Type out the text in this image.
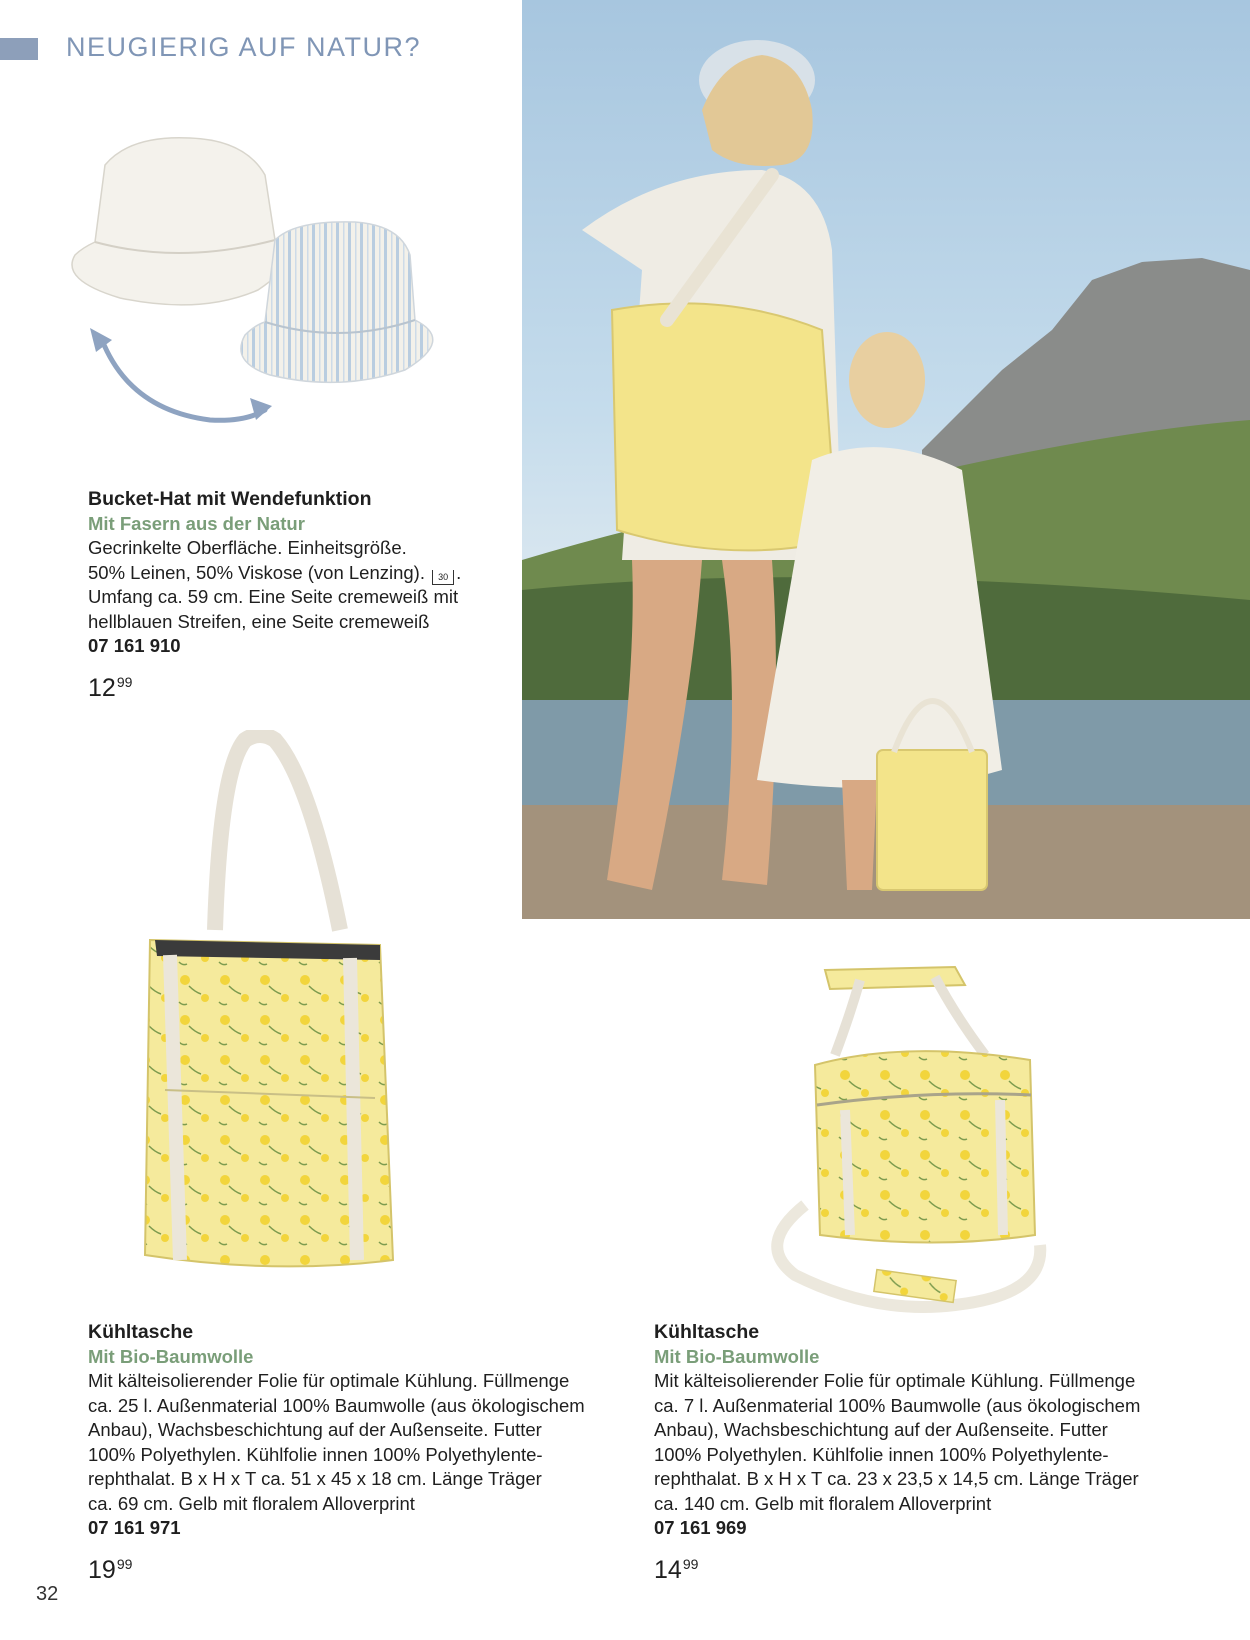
NEUGIERIG AUF NATUR?
Bucket-Hat mit Wendefunktion
Mit Fasern aus der Natur
Gecrinkelte Oberfläche. Einheitsgröße.
50% Leinen, 50% Viskose (von Lenzing). 30 .
Umfang ca. 59 cm. Eine Seite cremeweiß mit
hellblauen Streifen, eine Seite cremeweiß
07 161 910
$12^{99}$
Kühltasche
Mit Bio-Baumwolle
Mit kälteisolierender Folie für optimale Kühlung. Füllmenge
ca. 25 l. Außenmaterial 100% Baumwolle (aus ökologischem
Anbau), Wachsbeschichtung auf der Außenseite. Futter
100% Polyethylen. Kühlfolie innen 100% Polyethylente-
rephthalat. B x H x T ca. 51 x 45 x 18 cm. Länge Träger
ca. 69 cm. Gelb mit floralem Alloverprint
07 161 971
$19^{99}$
Kühltasche
Mit Bio-Baumwolle
Mit kälteisolierender Folie für optimale Kühlung. Füllmenge
ca. 7 l. Außenmaterial 100% Baumwolle (aus ökologischem
Anbau), Wachsbeschichtung auf der Außenseite. Futter
100% Polyethylen. Kühlfolie innen 100% Polyethylente-
rephthalat. B x H x T ca. 23 x 23,5 x 14,5 cm. Länge Träger
ca. 140 cm. Gelb mit floralem Alloverprint
07 161 969
$14^{99}$
32
